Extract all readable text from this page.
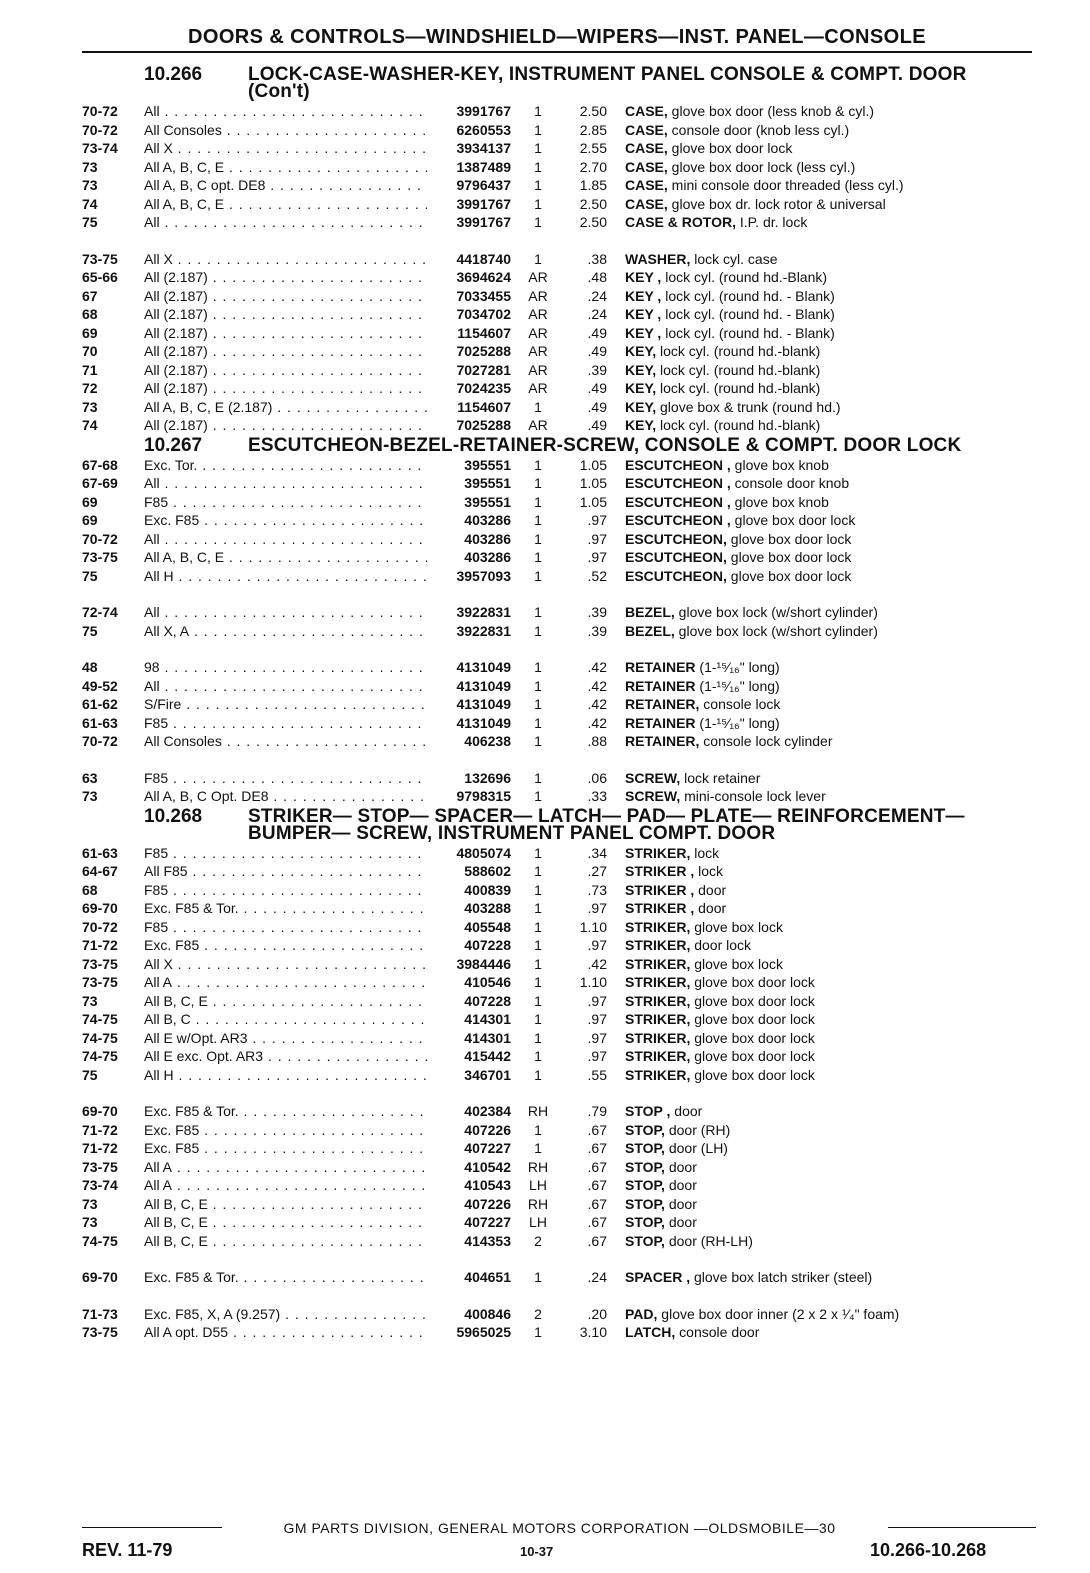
DOORS & CONTROLS—WINDSHIELD—WIPERS—INST. PANEL—CONSOLE
10.266	LOCK-CASE-WASHER-KEY, INSTRUMENT PANEL CONSOLE & COMPT. DOOR (Con't)
70-72	All . . .	3991767	1	2.50	CASE, glove box door (less knob & cyl.)
70-72	All Consoles . . .	6260553	1	2.85	CASE, console door (knob less cyl.)
73-74	All X . . .	3934137	1	2.55	CASE, glove box door lock
73	All A, B, C, E . . .	1387489	1	2.70	CASE, glove box door lock (less cyl.)
73	All A, B, C opt. DE8 . . .	9796437	1	1.85	CASE, mini console door threaded (less cyl.)
74	All A, B, C, E . . .	3991767	1	2.50	CASE, glove box dr. lock rotor & universal
75	All . . .	3991767	1	2.50	CASE & ROTOR, I.P. dr. lock
73-75	All X . . .	4418740	1	.38	WASHER, lock cyl. case
65-66	All (2.187) . . .	3694624	AR	.48	KEY , lock cyl. (round hd.-Blank)
67	All (2.187) . . .	7033455	AR	.24	KEY , lock cyl. (round hd. - Blank)
68	All (2.187) . . .	7034702	AR	.24	KEY , lock cyl. (round hd. - Blank)
69	All (2.187) . . .	1154607	AR	.49	KEY , lock cyl. (round hd. - Blank)
70	All (2.187) . . .	7025288	AR	.49	KEY, lock cyl. (round hd.-blank)
71	All (2.187) . . .	7027281	AR	.39	KEY, lock cyl. (round hd.-blank)
72	All (2.187) . . .	7024235	AR	.49	KEY, lock cyl. (round hd.-blank)
73	All A, B, C, E (2.187) . . .	1154607	1	.49	KEY, glove box & trunk (round hd.)
74	All (2.187) . . .	7025288	AR	.49	KEY, lock cyl. (round hd.-blank)
10.267	ESCUTCHEON-BEZEL-RETAINER-SCREW, CONSOLE & COMPT. DOOR LOCK
67-68	Exc. Tor. . . .	395551	1	1.05	ESCUTCHEON , glove box knob
67-69	All . . .	395551	1	1.05	ESCUTCHEON , console door knob
69	F85 . . .	395551	1	1.05	ESCUTCHEON , glove box knob
69	Exc. F85 . . .	403286	1	.97	ESCUTCHEON , glove box door lock
70-72	All . . .	403286	1	.97	ESCUTCHEON, glove box door lock
73-75	All A, B, C, E . . .	403286	1	.97	ESCUTCHEON, glove box door lock
75	All H . . .	3957093	1	.52	ESCUTCHEON, glove box door lock
72-74	All . . .	3922831	1	.39	BEZEL, glove box lock (w/short cylinder)
75	All X, A . . .	3922831	1	.39	BEZEL, glove box lock (w/short cylinder)
48	98 . . .	4131049	1	.42	RETAINER (1-¹⁵⁄₁₆" long)
49-52	All . . .	4131049	1	.42	RETAINER (1-¹⁵⁄₁₆" long)
61-62	S/Fire . . .	4131049	1	.42	RETAINER, console lock
61-63	F85 . . .	4131049	1	.42	RETAINER (1-¹⁵⁄₁₆" long)
70-72	All Consoles . . .	406238	1	.88	RETAINER, console lock cylinder
63	F85 . . .	132696	1	.06	SCREW, lock retainer
73	All A, B, C Opt. DE8 . . .	9798315	1	.33	SCREW, mini-console lock lever
10.268	STRIKER— STOP— SPACER— LATCH— PAD— PLATE— REINFORCEMENT— BUMPER— SCREW, INSTRUMENT PANEL COMPT. DOOR
61-63	F85 . . .	4805074	1	.34	STRIKER, lock
64-67	All F85 . . .	588602	1	.27	STRIKER , lock
68	F85 . . .	400839	1	.73	STRIKER , door
69-70	Exc. F85 & Tor. . . .	403288	1	.97	STRIKER , door
70-72	F85 . . .	405548	1	1.10	STRIKER, glove box lock
71-72	Exc. F85 . . .	407228	1	.97	STRIKER, door lock
73-75	All X . . .	3984446	1	.42	STRIKER, glove box lock
73-75	All A . . .	410546	1	1.10	STRIKER, glove box door lock
73	All B, C, E . . .	407228	1	.97	STRIKER, glove box door lock
74-75	All B, C . . .	414301	1	.97	STRIKER, glove box door lock
74-75	All E w/Opt. AR3 . . .	414301	1	.97	STRIKER, glove box door lock
74-75	All E exc. Opt. AR3 . . .	415442	1	.97	STRIKER, glove box door lock
75	All H . . .	346701	1	.55	STRIKER, glove box door lock
69-70	Exc. F85 & Tor. . . .	402384	RH	.79	STOP , door
71-72	Exc. F85 . . .	407226	1	.67	STOP, door (RH)
71-72	Exc. F85 . . .	407227	1	.67	STOP, door (LH)
73-75	All A . . .	410542	RH	.67	STOP, door
73-74	All A . . .	410543	LH	.67	STOP, door
73	All B, C, E . . .	407226	RH	.67	STOP, door
73	All B, C, E . . .	407227	LH	.67	STOP, door
74-75	All B, C, E . . .	414353	2	.67	STOP, door (RH-LH)
69-70	Exc. F85 & Tor. . . .	404651	1	.24	SPACER , glove box latch striker (steel)
71-73	Exc. F85, X, A (9.257) . . .	400846	2	.20	PAD, glove box door inner (2 x 2 x ¹⁄₄" foam)
73-75	All A opt. D55 . . .	5965025	1	3.10	LATCH, console door
GM PARTS DIVISION, GENERAL MOTORS CORPORATION —OLDSMOBILE—30
REV. 11-79	10-37	10.266-10.268
